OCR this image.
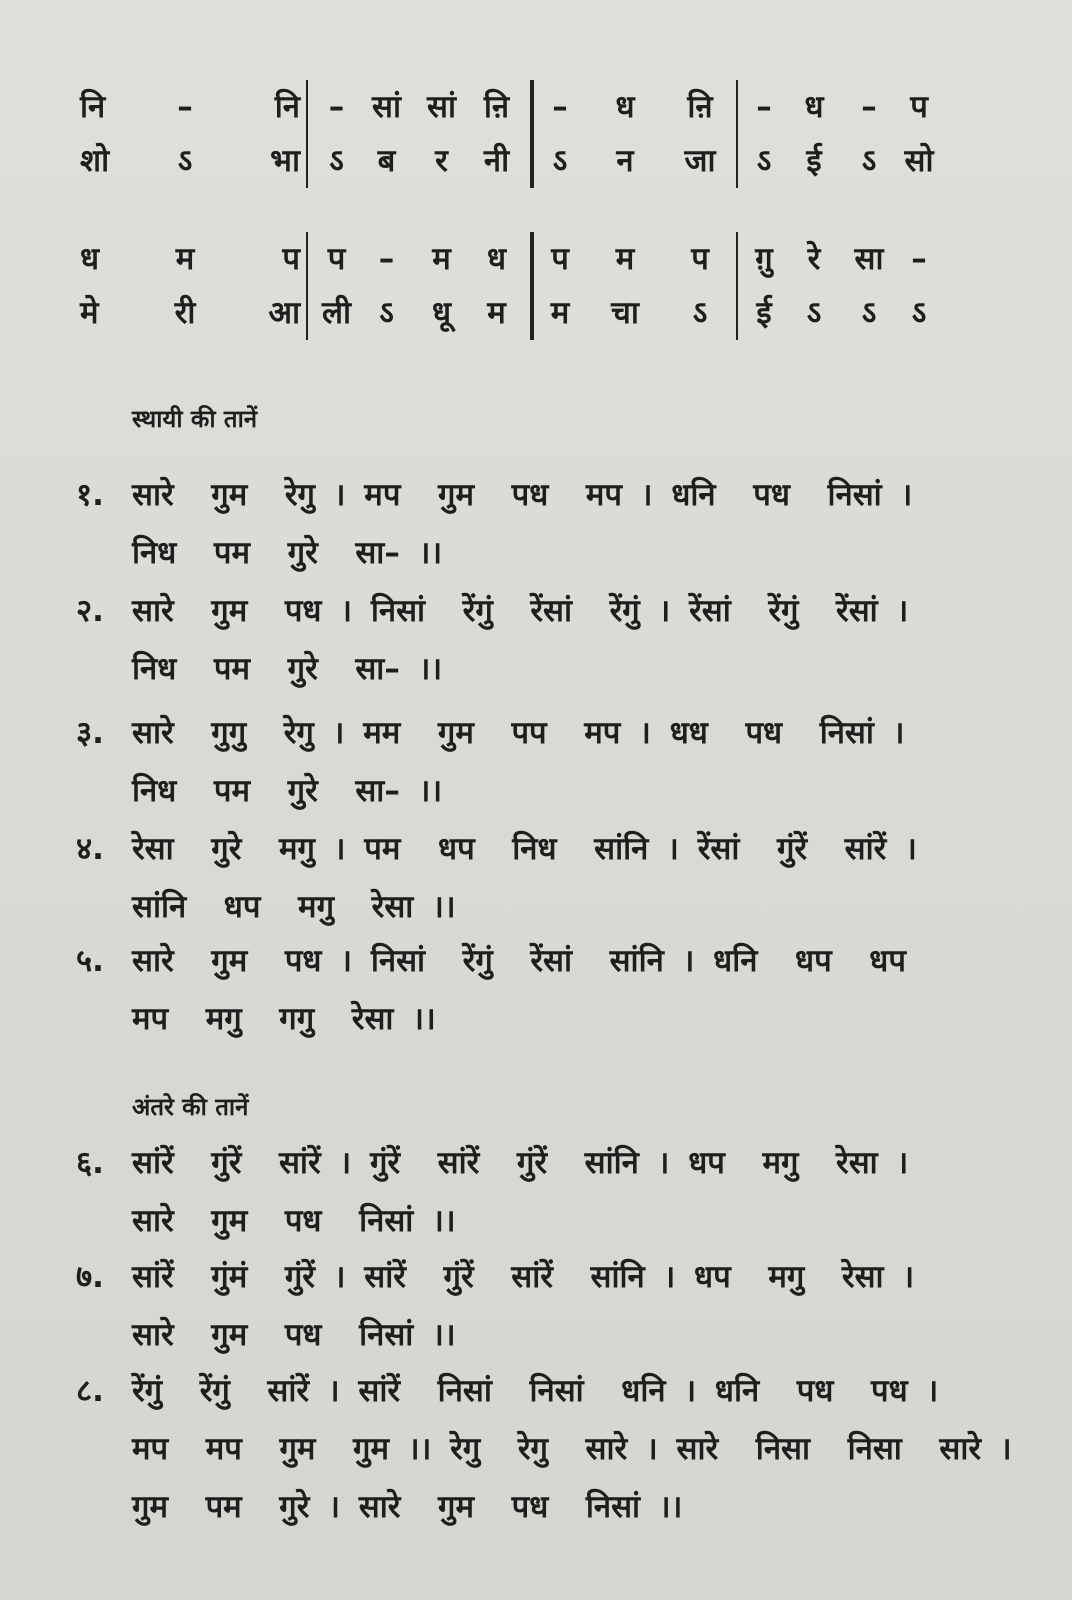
नि	–	नि – सां सां ऩि	–	ध	ऩि	–	ध	–	प
शो	ऽ	भा ऽ	ब	र	नी	ऽ	न	जा	ऽ	ई	ऽ सो
ध	म	प प	–	म	ध	प	म	प	ग़ु	रे	सा –
मे	री	आ ली ऽ	धू	म	म	चा	ऽ	ई	ऽ	ऽ	ऽ
स्थायी की तानें
१. सारे  गुम  रेगु । मप  गुम  पध  मप । धनि  पध  निसां ।
निध  पम  गुरे  सा– ।।
२. सारे  गुम  पध । निसां  रेंगुं  रेंसां  रेंगुं । रेंसां  रेंगुं  रेंसां ।
निध  पम  गुरे  सा– ।।
३. सारे  गुगु  रेगु । मम  गुम  पप  मप । धध  पध  निसां ।
निध  पम  गुरे  सा– ।।
४. रेसा  गुरे  मगु । पम  धप  निध  सांनि । रेंसां  गुंरें  सांरें ।
सांनि  धप  मगु  रेसा ।।
५. सारे  गुम  पध । निसां  रेंगुं  रेंसां  सांनि । धनि  धप  धप
मप  मगु  गगु  रेसा ।।
अंतरे की तानें
६. सांरें  गुंरें  सांरें । गुंरें  सांरें  गुंरें  सांनि । धप  मगु  रेसा ।
सारे  गुम  पध  निसां ।।
७. सांरें  गुंमं  गुंरें । सांरें  गुंरें  सांरें  सांनि । धप  मगु  रेसा ।
सारे  गुम  पध  निसां ।।
८. रेंगुं  रेंगुं  सांरें । सांरें  निसां  निसां  धनि । धनि  पध  पध ।
मप  मप  गुम  गुम ।। रेगु  रेगु  सारे । सारे  निसा  निसा  सारे ।
गुम  पम  गुरे । सारे  गुम  पध  निसां ।।
